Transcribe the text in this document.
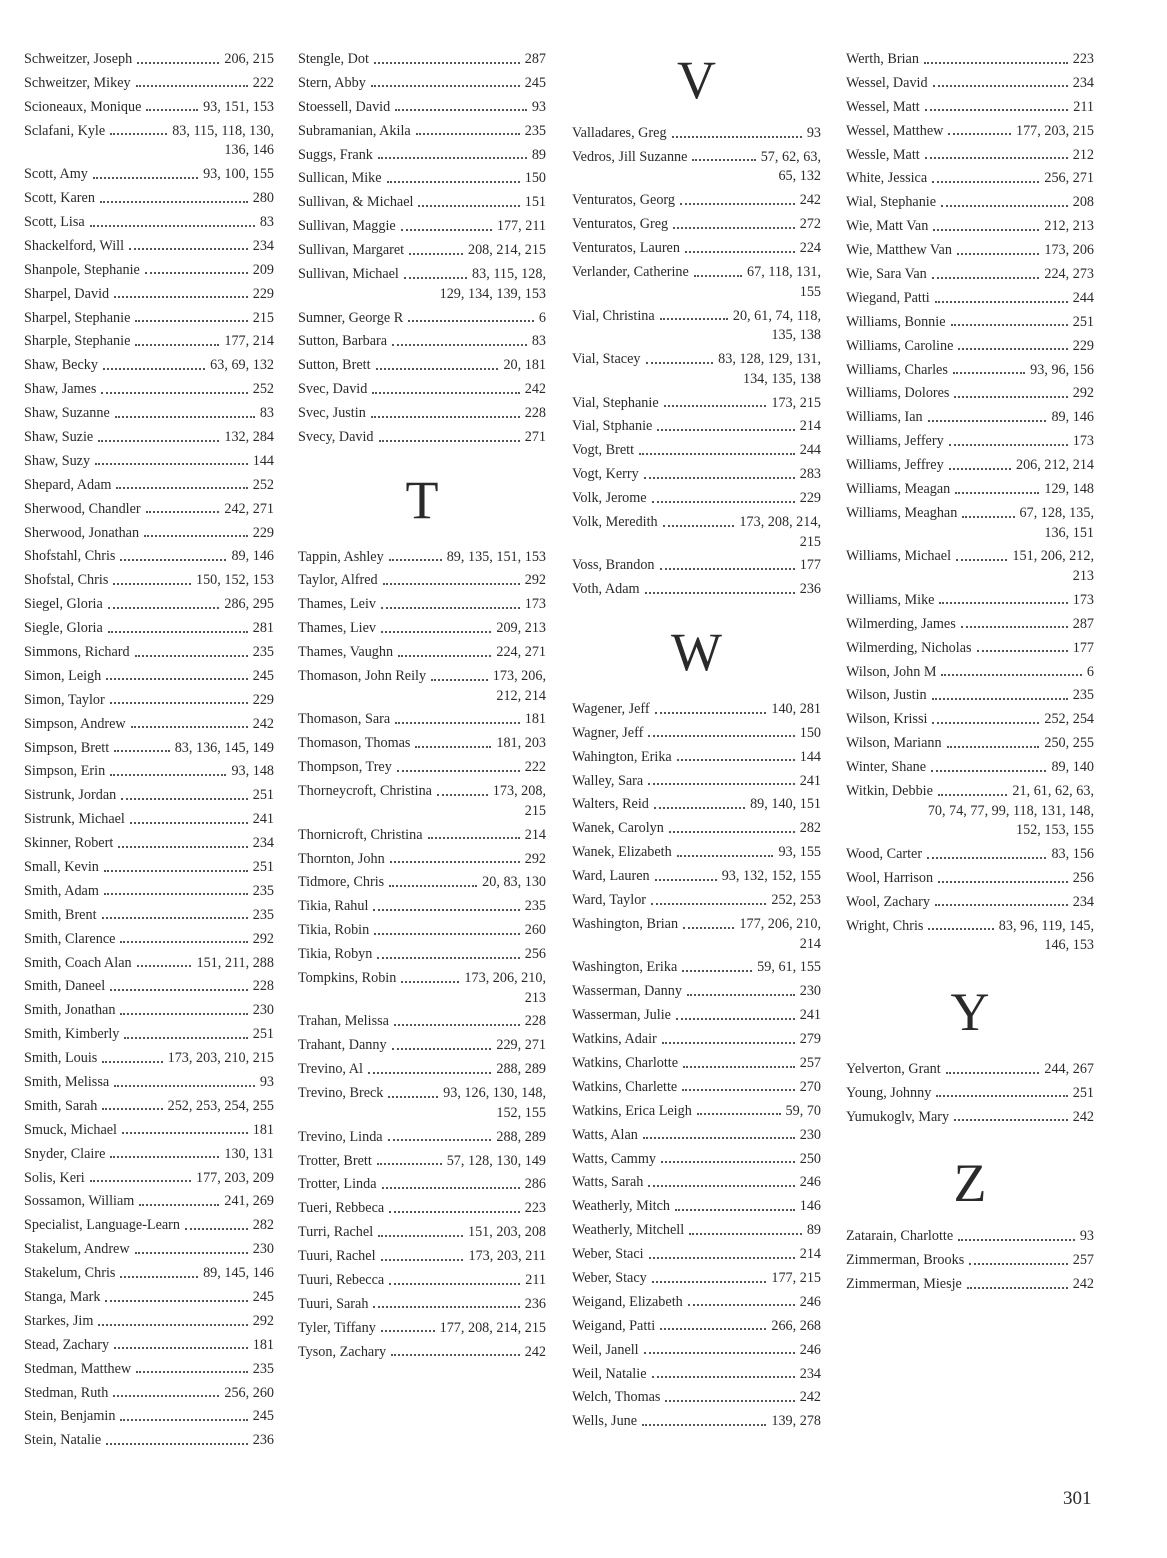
Schweitzer, Joseph	206, 215
Schweitzer, Mikey	222
Scioneaux, Monique	93, 151, 153
Sclafani, Kyle	83, 115, 118, 130,
136, 146
Scott, Amy	93, 100, 155
Scott, Karen	280
Scott, Lisa	83
Shackelford, Will	234
Shanpole, Stephanie	209
Sharpel, David	229
Sharpel, Stephanie	215
Sharple, Stephanie	177, 214
Shaw, Becky	63, 69, 132
Shaw, James	252
Shaw, Suzanne	83
Shaw, Suzie	132, 284
Shaw, Suzy	144
Shepard, Adam	252
Sherwood, Chandler	242, 271
Sherwood, Jonathan	229
Shofstahl, Chris	89, 146
Shofstal, Chris	150, 152, 153
Siegel, Gloria	286, 295
Siegle, Gloria	281
Simmons, Richard	235
Simon, Leigh	245
Simon, Taylor	229
Simpson, Andrew	242
Simpson, Brett	83, 136, 145, 149
Simpson, Erin	93, 148
Sistrunk, Jordan	251
Sistrunk, Michael	241
Skinner, Robert	234
Small, Kevin	251
Smith, Adam	235
Smith, Brent	235
Smith, Clarence	292
Smith, Coach Alan	151, 211, 288
Smith, Daneel	228
Smith, Jonathan	230
Smith, Kimberly	251
Smith, Louis	173, 203, 210, 215
Smith, Melissa	93
Smith, Sarah	252, 253, 254, 255
Smuck, Michael	181
Snyder, Claire	130, 131
Solis, Keri	177, 203, 209
Sossamon, William	241, 269
Specialist, Language-Learn	282
Stakelum, Andrew	230
Stakelum, Chris	89, 145, 146
Stanga, Mark	245
Starkes, Jim	292
Stead, Zachary	181
Stedman, Matthew	235
Stedman, Ruth	256, 260
Stein, Benjamin	245
Stein, Natalie	236
Stengle, Dot	287
Stern, Abby	245
Stoessell, David	93
Subramanian, Akila	235
Suggs, Frank	89
Sullican, Mike	150
Sullivan, & Michael	151
Sullivan, Maggie	177, 211
Sullivan, Margaret	208, 214, 215
Sullivan, Michael	83, 115, 128,
129, 134, 139, 153
Sumner, George R	6
Sutton, Barbara	83
Sutton, Brett	20, 181
Svec, David	242
Svec, Justin	228
Svecy, David	271
T
Tappin, Ashley	89, 135, 151, 153
Taylor, Alfred	292
Thames, Leiv	173
Thames, Liev	209, 213
Thames, Vaughn	224, 271
Thomason, John Reily	173, 206,
212, 214
Thomason, Sara	181
Thomason, Thomas	181, 203
Thompson, Trey	222
Thorneycroft, Christina	173, 208,
215
Thornicroft, Christina	214
Thornton, John	292
Tidmore, Chris	20, 83, 130
Tikia, Rahul	235
Tikia, Robin	260
Tikia, Robyn	256
Tompkins, Robin	173, 206, 210,
213
Trahan, Melissa	228
Trahant, Danny	229, 271
Trevino, Al	288, 289
Trevino, Breck	93, 126, 130, 148,
152, 155
Trevino, Linda	288, 289
Trotter, Brett	57, 128, 130, 149
Trotter, Linda	286
Tueri, Rebbeca	223
Turri, Rachel	151, 203, 208
Tuuri, Rachel	173, 203, 211
Tuuri, Rebecca	211
Tuuri, Sarah	236
Tyler, Tiffany	177, 208, 214, 215
Tyson, Zachary	242
V
Valladares, Greg	93
Vedros, Jill Suzanne	57, 62, 63,
65, 132
Venturatos, Georg	242
Venturatos, Greg	272
Venturatos, Lauren	224
Verlander, Catherine	67, 118, 131,
155
Vial, Christina	20, 61, 74, 118,
135, 138
Vial, Stacey	83, 128, 129, 131,
134, 135, 138
Vial, Stephanie	173, 215
Vial, Stphanie	214
Vogt, Brett	244
Vogt, Kerry	283
Volk, Jerome	229
Volk, Meredith	173, 208, 214,
215
Voss, Brandon	177
Voth, Adam	236
W
Wagener, Jeff	140, 281
Wagner, Jeff	150
Wahington, Erika	144
Walley, Sara	241
Walters, Reid	89, 140, 151
Wanek, Carolyn	282
Wanek, Elizabeth	93, 155
Ward, Lauren	93, 132, 152, 155
Ward, Taylor	252, 253
Washington, Brian	177, 206, 210,
214
Washington, Erika	59, 61, 155
Wasserman, Danny	230
Wasserman, Julie	241
Watkins, Adair	279
Watkins, Charlotte	257
Watkins, Charlette	270
Watkins, Erica Leigh	59, 70
Watts, Alan	230
Watts, Cammy	250
Watts, Sarah	246
Weatherly, Mitch	146
Weatherly, Mitchell	89
Weber, Staci	214
Weber, Stacy	177, 215
Weigand, Elizabeth	246
Weigand, Patti	266, 268
Weil, Janell	246
Weil, Natalie	234
Welch, Thomas	242
Wells, June	139, 278
Werth, Brian	223
Wessel, David	234
Wessel, Matt	211
Wessel, Matthew	177, 203, 215
Wessle, Matt	212
White, Jessica	256, 271
Wial, Stephanie	208
Wie, Matt Van	212, 213
Wie, Matthew Van	173, 206
Wie, Sara Van	224, 273
Wiegand, Patti	244
Williams, Bonnie	251
Williams, Caroline	229
Williams, Charles	93, 96, 156
Williams, Dolores	292
Williams, Ian	89, 146
Williams, Jeffery	173
Williams, Jeffrey	206, 212, 214
Williams, Meagan	129, 148
Williams, Meaghan	67, 128, 135,
136, 151
Williams, Michael	151, 206, 212,
213
Williams, Mike	173
Wilmerding, James	287
Wilmerding, Nicholas	177
Wilson, John M	6
Wilson, Justin	235
Wilson, Krissi	252, 254
Wilson, Mariann	250, 255
Winter, Shane	89, 140
Witkin, Debbie	21, 61, 62, 63,
70, 74, 77, 99, 118, 131, 148,
152, 153, 155
Wood, Carter	83, 156
Wool, Harrison	256
Wool, Zachary	234
Wright, Chris	83, 96, 119, 145,
146, 153
Y
Yelverton, Grant	244, 267
Young, Johnny	251
Yumukoglv, Mary	242
Z
Zatarain, Charlotte	93
Zimmerman, Brooks	257
Zimmerman, Miesje	242
301
